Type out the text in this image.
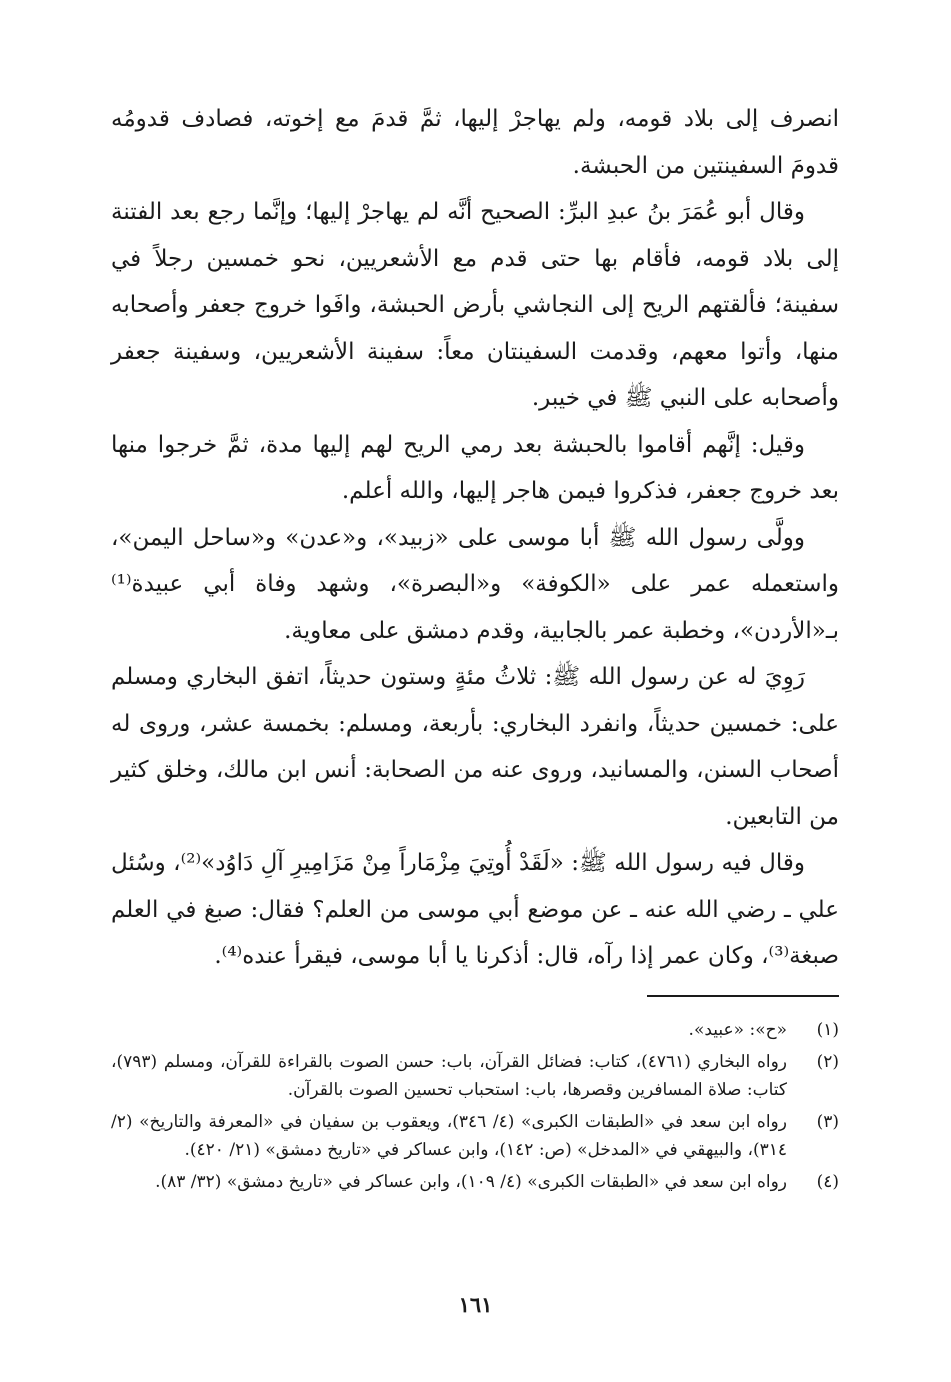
انصرف إلى بلاد قومه، ولم يهاجرْ إليها، ثمَّ قدمَ مع إخوته، فصادف قدومُه قدومَ السفينتين من الحبشة.

وقال أبو عُمَرَ بنُ عبدِ البرِّ: الصحيح أنَّه لم يهاجرْ إليها؛ وإنَّما رجع بعد الفتنة إلى بلاد قومه، فأقام بها حتى قدم مع الأشعريين، نحو خمسين رجلاً في سفينة؛ فألقتهم الريح إلى النجاشي بأرض الحبشة، وافَوا خروج جعفر وأصحابه منها، وأتوا معهم، وقدمت السفينتان معاً: سفينة الأشعريين، وسفينة جعفر وأصحابه على النبي ﷺ في خيبر.

وقيل: إنَّهم أقاموا بالحبشة بعد رمي الريح لهم إليها مدة، ثمَّ خرجوا منها بعد خروج جعفر، فذكروا فيمن هاجر إليها، والله أعلم.

وولَّى رسول الله ﷺ أبا موسى على «زبيد»، و«عدن» و«ساحل اليمن»، واستعمله عمر على «الكوفة» و«البصرة»، وشهد وفاة أبي عبيدة⁽¹⁾ بـ«الأردن»، وخطبة عمر بالجابية، وقدم دمشق على معاوية.

رَوِيَ له عن رسول الله ﷺ: ثلاثُ مئةٍ وستون حديثاً، اتفق البخاري ومسلم على: خمسين حديثاً، وانفرد البخاري: بأربعة، ومسلم: بخمسة عشر، وروى له أصحاب السنن، والمسانيد، وروى عنه من الصحابة: أنس ابن مالك، وخلق كثير من التابعين.

وقال فيه رسول الله ﷺ: «لَقَدْ أُوتِيَ مِزْمَاراً مِنْ مَزَامِيرِ آلِ دَاوُد»⁽²⁾، وسُئل علي ـ رضي الله عنه ـ عن موضع أبي موسى من العلم؟ فقال: صبغ في العلم صبغة⁽³⁾، وكان عمر إذا رآه، قال: أذكرنا يا أبا موسى، فيقرأ عنده⁽⁴⁾.

(١)
«ح»: «عبيد».
(٢)
رواه البخاري (٤٧٦١)، كتاب: فضائل القرآن، باب: حسن الصوت بالقراءة للقرآن، ومسلم (٧٩٣)، كتاب: صلاة المسافرين وقصرها، باب: استحباب تحسين الصوت بالقرآن.
(٣)
رواه ابن سعد في «الطبقات الكبرى» (٤/ ٣٤٦)، ويعقوب بن سفيان في «المعرفة والتاريخ» (٢/ ٣١٤)، والبيهقي في «المدخل» (ص: ١٤٢)، وابن عساكر في «تاريخ دمشق» (٢١/ ٤٢٠).
(٤)
رواه ابن سعد في «الطبقات الكبرى» (٤/ ١٠٩)، وابن عساكر في «تاريخ دمشق» (٣٢/ ٨٣).
١٦١
